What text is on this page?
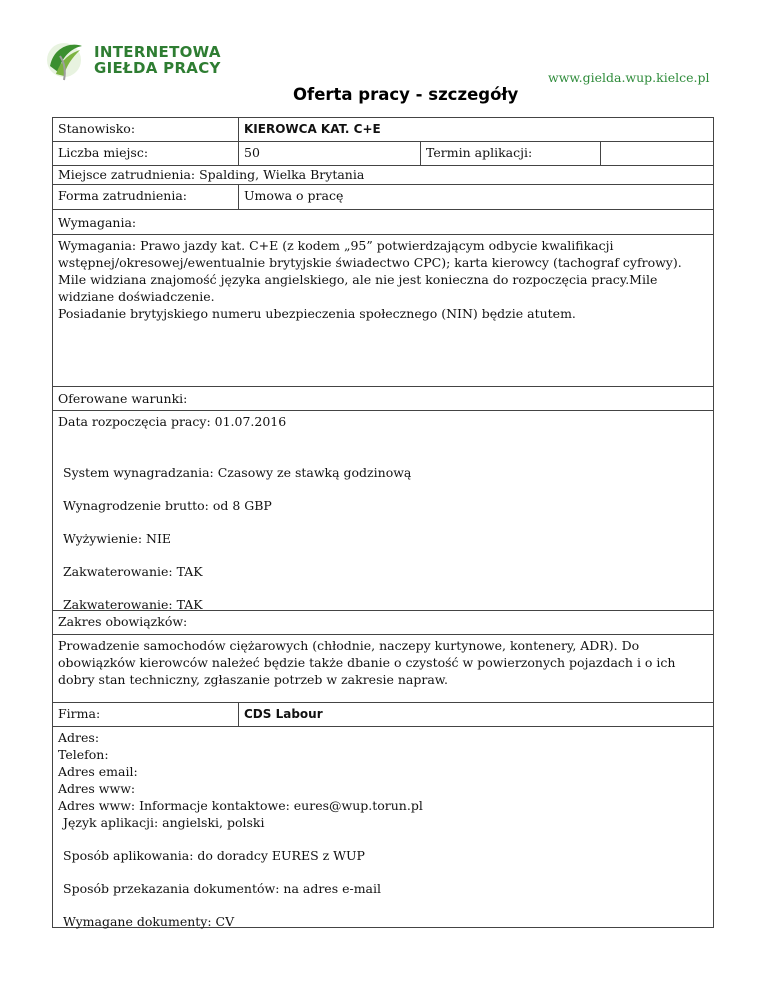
INTERNETOWA
GIEŁDA PRACY
www.gielda.wup.kielce.pl
Oferta pracy - szczegóły
Stanowisko:	KIEROWCA KAT. C+E
Liczba miejsc:	50	Termin aplikacji:
Miejsce zatrudnienia: Spalding, Wielka Brytania
Forma zatrudnienia:	Umowa o pracę
Wymagania:
Wymagania: Prawo jazdy kat. C+E (z kodem „95” potwierdzającym odbycie kwalifikacji wstępnej/okresowej/ewentualnie brytyjskie świadectwo CPC); karta kierowcy (tachograf cyfrowy). Mile widziana znajomość języka angielskiego, ale nie jest konieczna do rozpoczęcia pracy.Mile widziane doświadczenie.
Posiadanie brytyjskiego numeru ubezpieczenia społecznego (NIN) będzie atutem.
Oferowane warunki:
Data rozpoczęcia pracy: 01.07.2016
System wynagradzania: Czasowy ze stawką godzinową
Wynagrodzenie brutto: od 8 GBP
Wyżywienie: NIE
Zakwaterowanie: TAK
Zakwaterowanie: TAK
Zakres obowiązków:
Prowadzenie samochodów ciężarowych (chłodnie, naczepy kurtynowe, kontenery, ADR). Do obowiązków kierowców należeć będzie także dbanie o czystość w powierzonych pojazdach i o ich dobry stan techniczny, zgłaszanie potrzeb w zakresie napraw.
Firma:	CDS Labour
Adres:
Telefon:
Adres email:
Adres www:
Adres www: Informacje kontaktowe: eures@wup.torun.pl
Język aplikacji: angielski, polski
Sposób aplikowania: do doradcy EURES z WUP
Sposób przekazania dokumentów: na adres e-mail
Wymagane dokumenty: CV
